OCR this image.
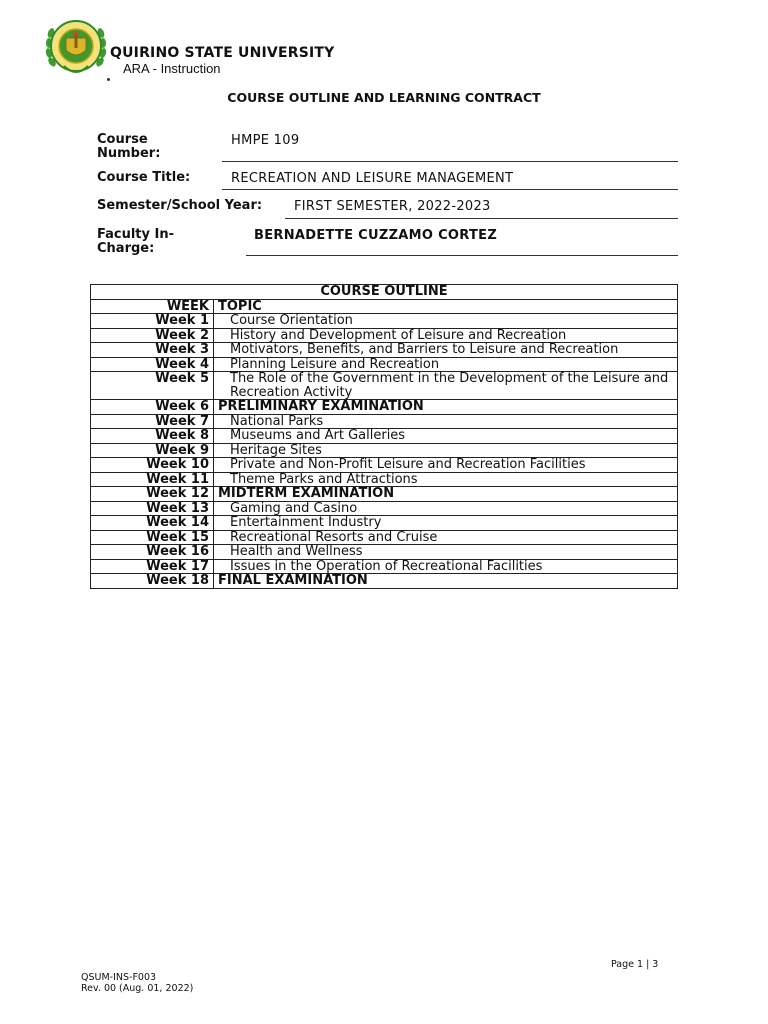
QUIRINO STATE UNIVERSITY
ARA - Instruction
COURSE OUTLINE AND LEARNING CONTRACT
Course Number:
HMPE 109
Course Title:	RECREATION AND LEISURE MANAGEMENT
Semester/School Year: FIRST SEMESTER, 2022-2023
Faculty In-Charge:
BERNADETTE CUZZAMO CORTEZ
COURSE OUTLINE	
WEEK	TOPIC
Week 1	Course Orientation
Week 2	History and Development of Leisure and Recreation
Week 3	Motivators, Benefits, and Barriers to Leisure and Recreation
Week 4	Planning Leisure and Recreation
Week 5	The Role of the Government in the Development of the Leisure and Recreation Activity
Week 6	PRELIMINARY EXAMINATION
Week 7	National Parks
Week 8	Museums and Art Galleries
Week 9	Heritage Sites
Week 10	Private and Non-Profit Leisure and Recreation Facilities
Week 11	Theme Parks and Attractions
Week 12	MIDTERM EXAMINATION
Week 13	Gaming and Casino
Week 14	Entertainment Industry
Week 15	Recreational Resorts and Cruise
Week 16	Health and Wellness
Week 17	Issues in the Operation of Recreational Facilities
Week 18	FINAL EXAMINATION
Page 1 | 3
QSUM-INS-F003
Rev. 00 (Aug. 01, 2022)
